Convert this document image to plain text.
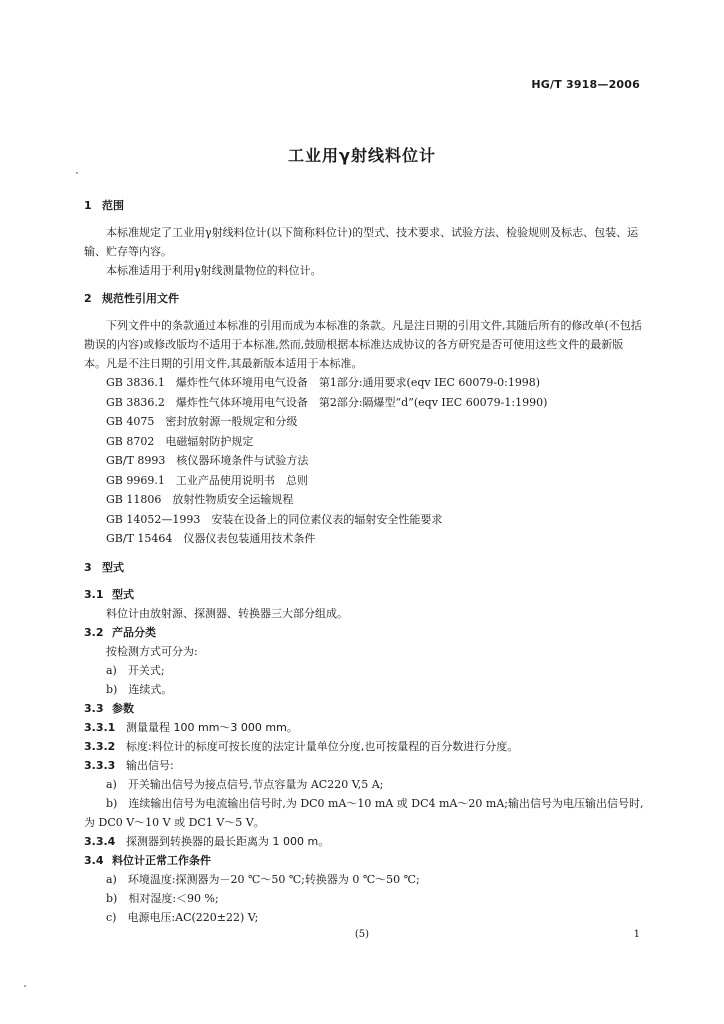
HG/T 3918—2006
工业用γ射线料位计
1 范围

本标准规定了工业用γ射线料位计(以下简称料位计)的型式、技术要求、试验方法、检验规则及标志、包装、运输、贮存等内容。

本标准适用于利用γ射线测量物位的料位计。

2 规范性引用文件

下列文件中的条款通过本标准的引用而成为本标准的条款。凡是注日期的引用文件,其随后所有的修改单(不包括勘误的内容)或修改版均不适用于本标准,然而,鼓励根据本标准达成协议的各方研究是否可使用这些文件的最新版本。凡是不注日期的引用文件,其最新版本适用于本标准。

GB 3836.1　爆炸性气体环境用电气设备　第1部分:通用要求(eqv IEC 60079-0:1998)
GB 3836.2　爆炸性气体环境用电气设备　第2部分:隔爆型“d”(eqv IEC 60079-1:1990)
GB 4075　密封放射源一般规定和分级
GB 8702　电磁辐射防护规定
GB/T 8993　核仪器环境条件与试验方法
GB 9969.1　工业产品使用说明书　总则
GB 11806　放射性物质安全运输规程
GB 14052—1993　安装在设备上的同位素仪表的辐射安全性能要求
GB/T 15464　仪器仪表包装通用技术条件
3 型式
3.1 型式

料位计由放射源、探测器、转换器三大部分组成。

3.2 产品分类

按检测方式可分为:

a)　开关式;

b)　连续式。

3.3 参数
3.3.1 测量量程 100 mm～3 000 mm。
3.3.2 标度:料位计的标度可按长度的法定计量单位分度,也可按量程的百分数进行分度。
3.3.3 输出信号:

a)　开关输出信号为接点信号,节点容量为 AC220 V,5 A;

b)　连续输出信号为电流输出信号时,为 DC0 mA～10 mA 或 DC4 mA～20 mA;输出信号为电压输出信号时,为 DC0 V～10 V 或 DC1 V～5 V。

3.3.4 探测器到转换器的最长距离为 1 000 m。
3.4 料位计正常工作条件

a)　环境温度:探测器为－20 ℃～50 ℃;转换器为 0 ℃～50 ℃;

b)　相对湿度:＜90 %;

c)　电源电压:AC(220±22) V;

(5)	1
